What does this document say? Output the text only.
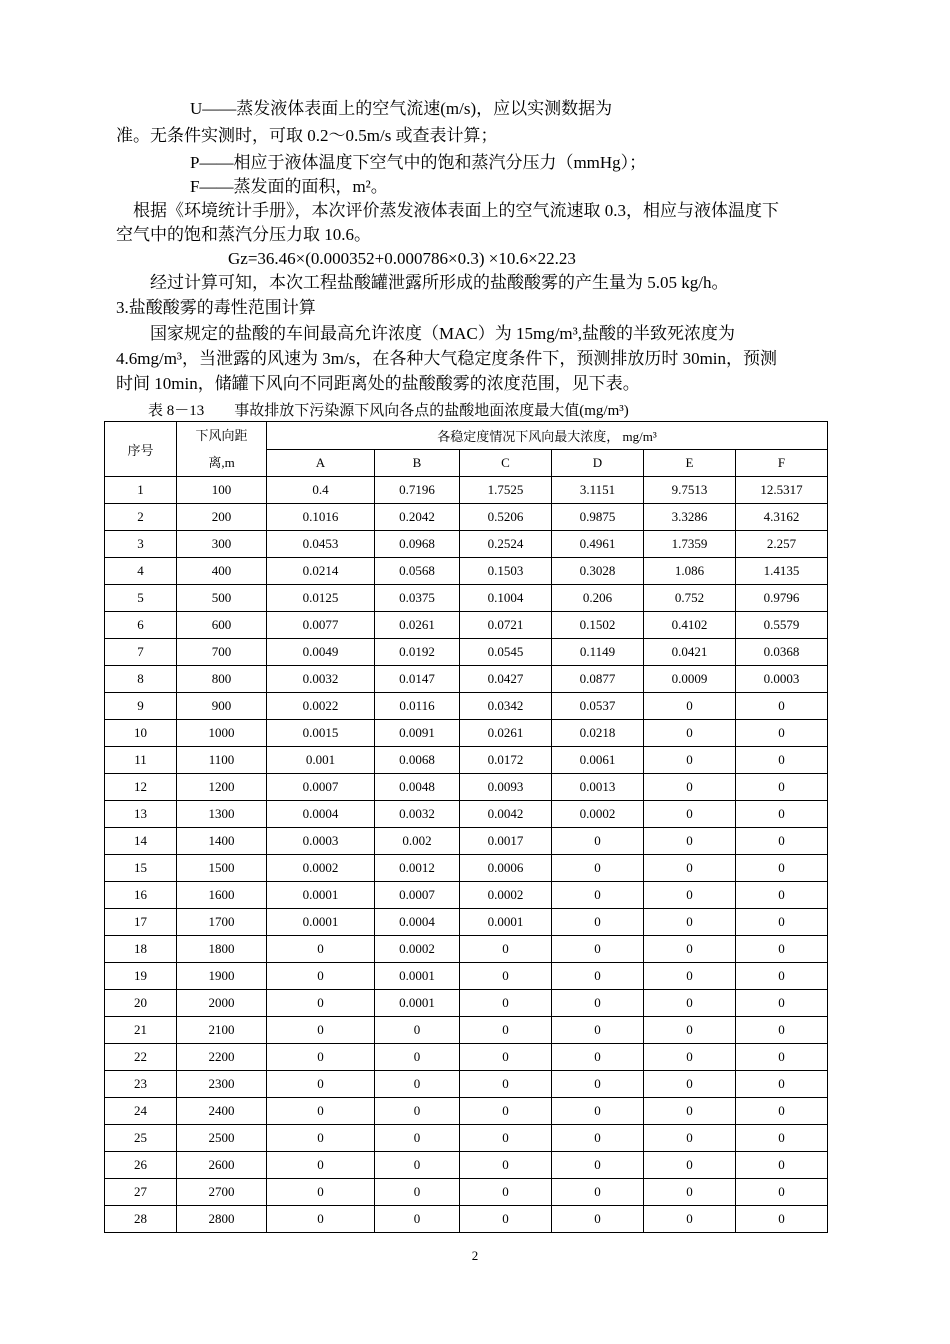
U——蒸发液体表面上的空气流速(m/s)，应以实测数据为
准。无条件实测时，可取 0.2～0.5m/s 或查表计算；
P——相应于液体温度下空气中的饱和蒸汽分压力（mmHg）；
F——蒸发面的面积，m²。
根据《环境统计手册》，本次评价蒸发液体表面上的空气流速取 0.3，相应与液体温度下
空气中的饱和蒸汽分压力取 10.6。
Gz=36.46×(0.000352+0.000786×0.3) ×10.6×22.23
经过计算可知，本次工程盐酸罐泄露所形成的盐酸酸雾的产生量为 5.05 kg/h。
3.盐酸酸雾的毒性范围计算
国家规定的盐酸的车间最高允许浓度（MAC）为 15mg/m³,盐酸的半致死浓度为
4.6mg/m³，当泄露的风速为 3m/s，在各种大气稳定度条件下，预测排放历时 30min，预测
时间 10min，储罐下风向不同距离处的盐酸酸雾的浓度范围，见下表。
表 8－13　　事故排放下污染源下风向各点的盐酸地面浓度最大值(mg/m³)
序号	下风向距
离,m	各稳定度情况下风向最大浓度， mg/m³					
		A	B	C	D	E	F
1	100	0.4	0.7196	1.7525	3.1151	9.7513	12.5317
2	200	0.1016	0.2042	0.5206	0.9875	3.3286	4.3162
3	300	0.0453	0.0968	0.2524	0.4961	1.7359	2.257
4	400	0.0214	0.0568	0.1503	0.3028	1.086	1.4135
5	500	0.0125	0.0375	0.1004	0.206	0.752	0.9796
6	600	0.0077	0.0261	0.0721	0.1502	0.4102	0.5579
7	700	0.0049	0.0192	0.0545	0.1149	0.0421	0.0368
8	800	0.0032	0.0147	0.0427	0.0877	0.0009	0.0003
9	900	0.0022	0.0116	0.0342	0.0537	0	0
10	1000	0.0015	0.0091	0.0261	0.0218	0	0
11	1100	0.001	0.0068	0.0172	0.0061	0	0
12	1200	0.0007	0.0048	0.0093	0.0013	0	0
13	1300	0.0004	0.0032	0.0042	0.0002	0	0
14	1400	0.0003	0.002	0.0017	0	0	0
15	1500	0.0002	0.0012	0.0006	0	0	0
16	1600	0.0001	0.0007	0.0002	0	0	0
17	1700	0.0001	0.0004	0.0001	0	0	0
18	1800	0	0.0002	0	0	0	0
19	1900	0	0.0001	0	0	0	0
20	2000	0	0.0001	0	0	0	0
21	2100	0	0	0	0	0	0
22	2200	0	0	0	0	0	0
23	2300	0	0	0	0	0	0
24	2400	0	0	0	0	0	0
25	2500	0	0	0	0	0	0
26	2600	0	0	0	0	0	0
27	2700	0	0	0	0	0	0
28	2800	0	0	0	0	0	0
2
